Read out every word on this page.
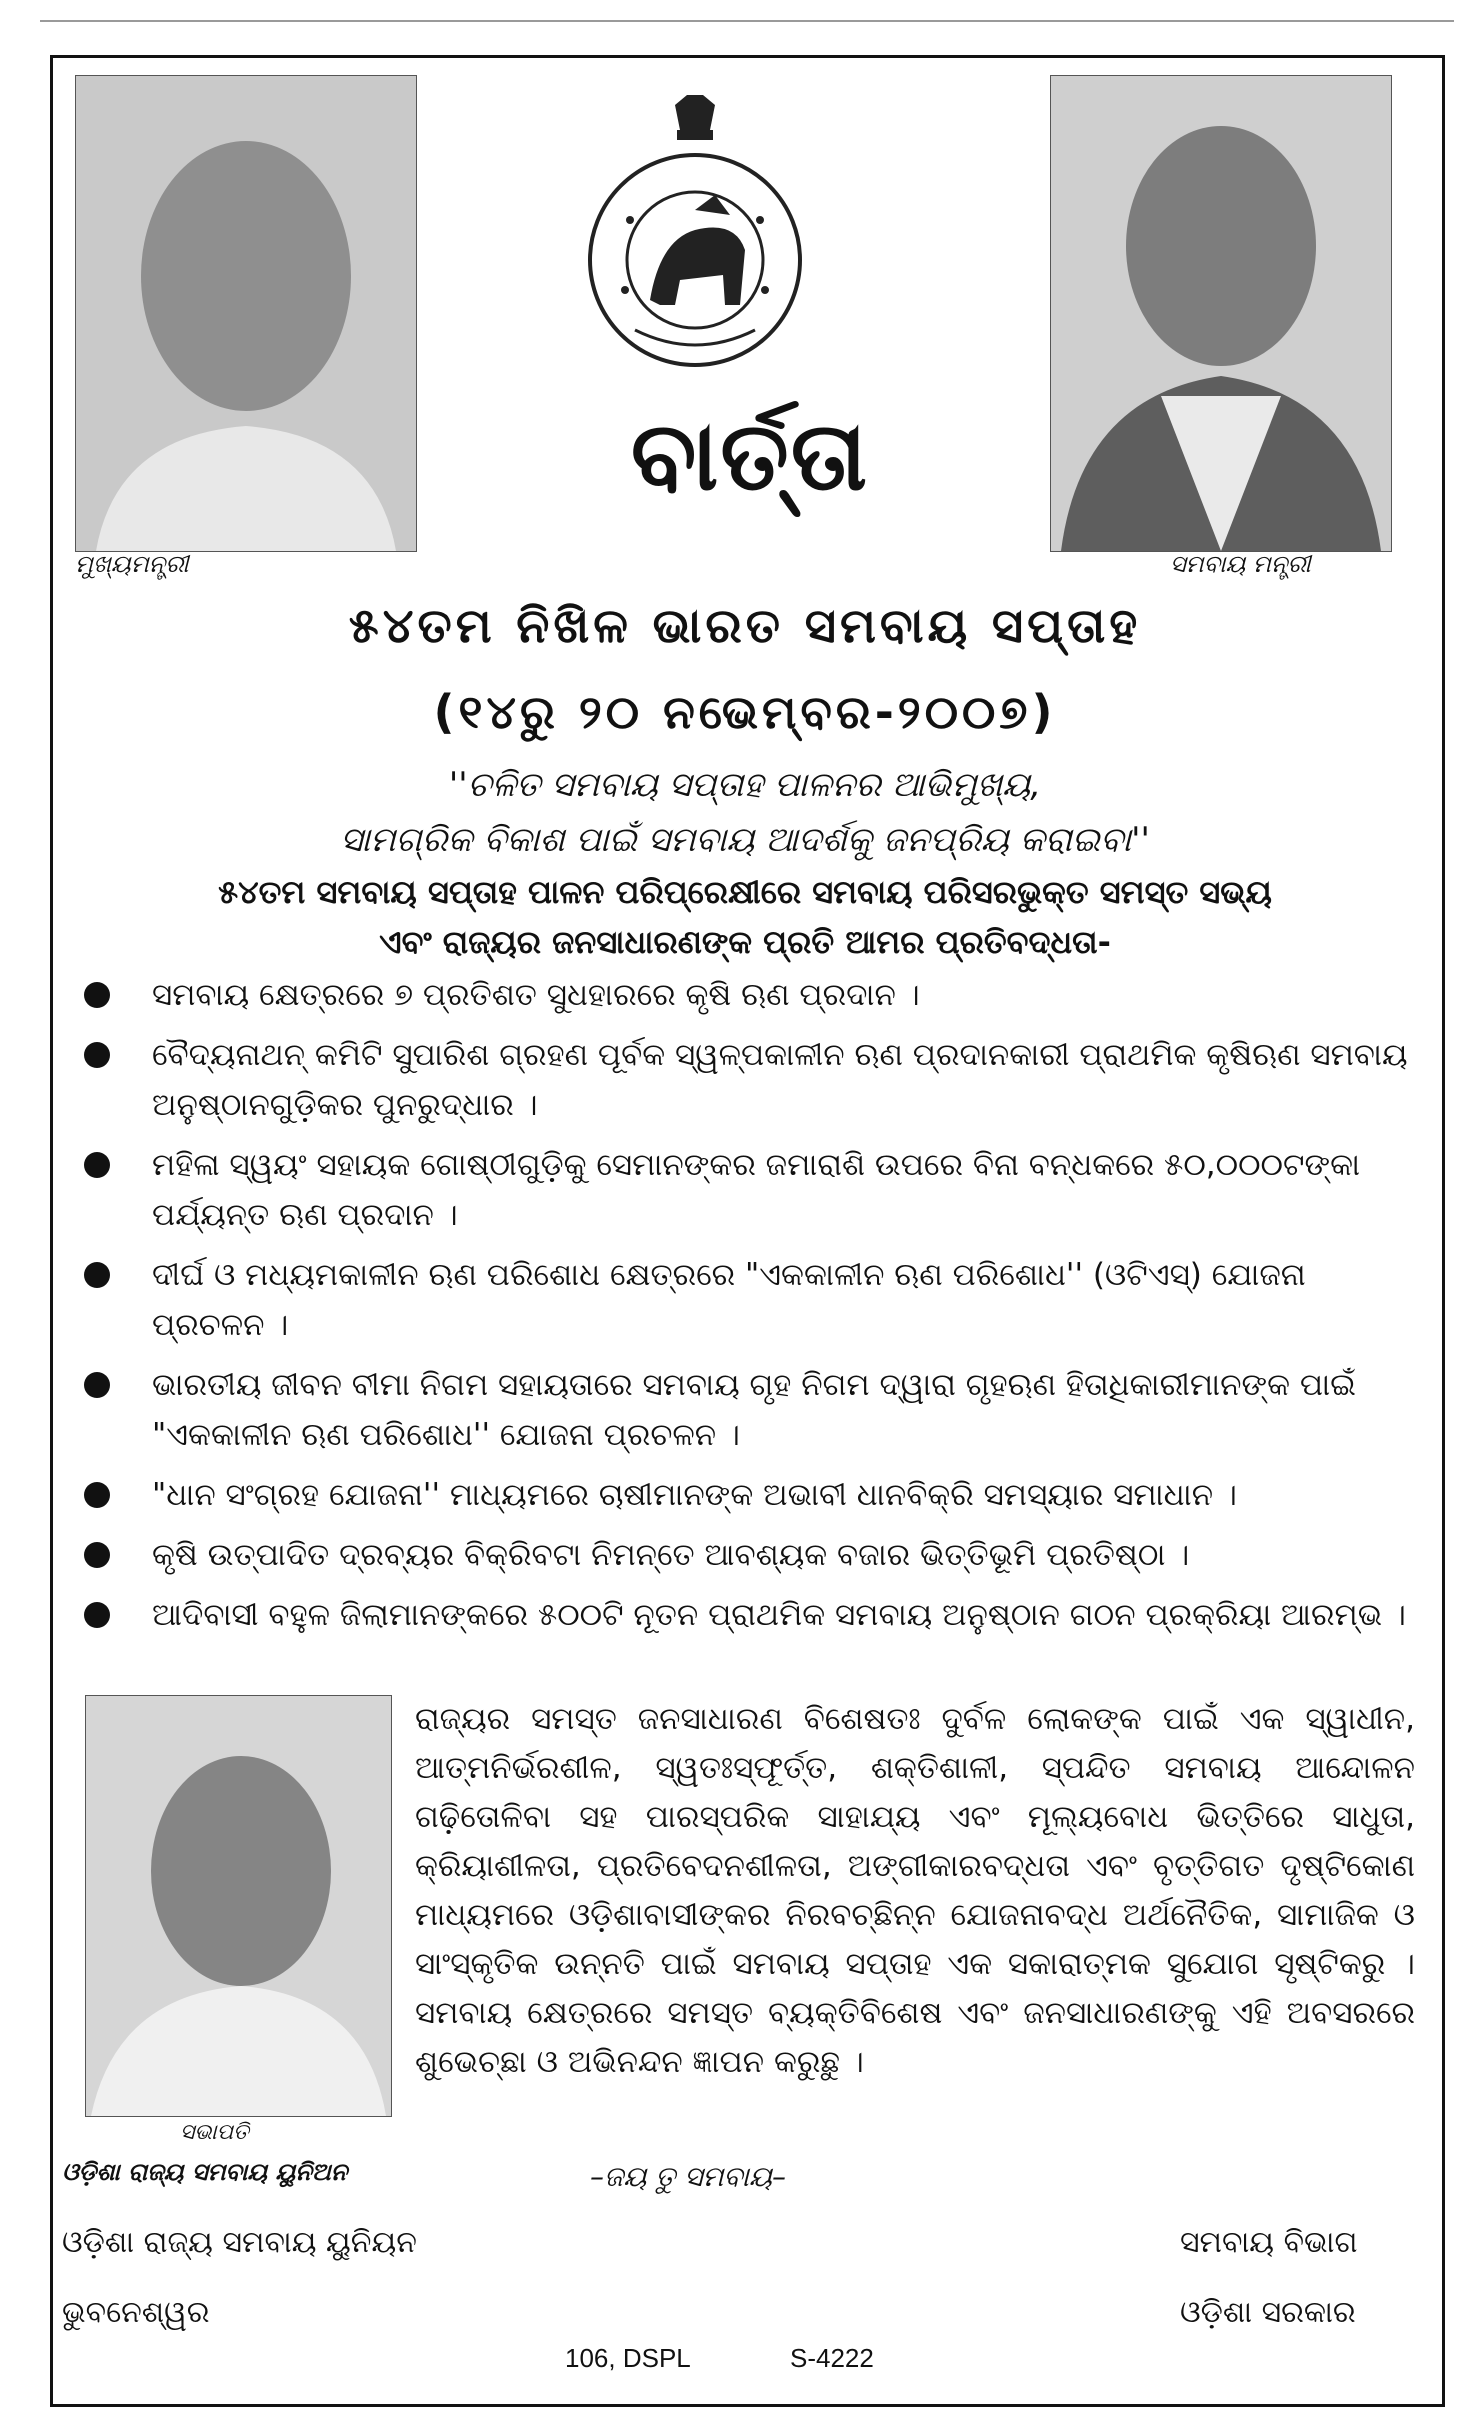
ମୁଖ୍ୟମନ୍ତ୍ରୀ	ସମବାୟ ମନ୍ତ୍ରୀ
ସଭାପତି
ଓଡ଼ିଶା ରାଜ୍ୟ ସମବାୟ ୟୁନିଅନ
ବାର୍ତ୍ତା
୫୪ତମ ନିଖିଳ ଭାରତ ସମବାୟ ସପ୍ତାହ
(୧୪ରୁ ୨୦ ନଭେମ୍ବର-୨୦୦୭)
''ଚଳିତ ସମବାୟ ସପ୍ତାହ ପାଳନର ଆଭିମୁଖ୍ୟ,
ସାମଗ୍ରିକ ବିକାଶ ପାଇଁ ସମବାୟ ଆଦର୍ଶକୁ ଜନପ୍ରିୟ କରାଇବା''
୫୪ତମ ସମବାୟ ସପ୍ତାହ ପାଳନ ପରିପ୍ରେକ୍ଷୀରେ ସମବାୟ ପରିସରଭୁକ୍ତ ସମସ୍ତ ସଭ୍ୟ
ଏବଂ ରାଜ୍ୟର ଜନସାଧାରଣଙ୍କ ପ୍ରତି ଆମର ପ୍ରତିବଦ୍ଧତା-
ସମବାୟ କ୍ଷେତ୍ରରେ ୭ ପ୍ରତିଶତ ସୁଧହାରରେ କୃଷି ଋଣ ପ୍ରଦାନ ।
ବୈଦ୍ୟନାଥନ୍ କମିଟି ସୁପାରିଶ ଗ୍ରହଣ ପୂର୍ବକ ସ୍ୱଳ୍ପକାଳୀନ ଋଣ ପ୍ରଦାନକାରୀ ପ୍ରାଥମିକ କୃଷିଋଣ ସମବାୟ ଅନୁଷ୍ଠାନଗୁଡ଼ିକର ପୁନରୁଦ୍ଧାର ।
ମହିଳା ସ୍ୱୟଂ ସହାୟକ ଗୋଷ୍ଠୀଗୁଡ଼ିକୁ ସେମାନଙ୍କର ଜମାରାଶି ଉପରେ ବିନା ବନ୍ଧକରେ ୫୦,୦୦୦ଟଙ୍କା ପର୍ଯ୍ୟନ୍ତ ଋଣ ପ୍ରଦାନ ।
ଦୀର୍ଘ ଓ ମଧ୍ୟମକାଳୀନ ଋଣ ପରିଶୋଧ କ୍ଷେତ୍ରରେ "ଏକକାଳୀନ ଋଣ ପରିଶୋଧ'' (ଓଟିଏସ୍) ଯୋଜନା ପ୍ରଚଳନ ।
ଭାରତୀୟ ଜୀବନ ବୀମା ନିଗମ ସହାୟତାରେ ସମବାୟ ଗୃହ ନିଗମ ଦ୍ୱାରା ଗୃହଋଣ ହିତାଧିକାରୀମାନଙ୍କ ପାଇଁ "ଏକକାଳୀନ ଋଣ ପରିଶୋଧ'' ଯୋଜନା ପ୍ରଚଳନ ।
"ଧାନ ସଂଗ୍ରହ ଯୋଜନା'' ମାଧ୍ୟମରେ ଚାଷୀମାନଙ୍କ ଅଭାବୀ ଧାନବିକ୍ରି ସମସ୍ୟାର ସମାଧାନ ।
କୃଷି ଉତ୍ପାଦିତ ଦ୍ରବ୍ୟର ବିକ୍ରିବଟା ନିମନ୍ତେ ଆବଶ୍ୟକ ବଜାର ଭିତ୍ତିଭୂମି ପ୍ରତିଷ୍ଠା ।
ଆଦିବାସୀ ବହୁଳ ଜିଲାମାନଙ୍କରେ ୫୦୦ଟି ନୂତନ ପ୍ରାଥମିକ ସମବାୟ ଅନୁଷ୍ଠାନ ଗଠନ ପ୍ରକ୍ରିୟା ଆରମ୍ଭ ।

ରାଜ୍ୟର ସମସ୍ତ ଜନସାଧାରଣ ବିଶେଷତଃ ଦୁର୍ବଳ ଲୋକଙ୍କ ପାଇଁ ଏକ ସ୍ୱାଧୀନ, ଆତ୍ମନିର୍ଭରଶୀଳ, ସ୍ୱତଃସ୍ଫୂର୍ତ୍ତ, ଶକ୍ତିଶାଳୀ, ସ୍ପନ୍ଦିତ ସମବାୟ ଆନ୍ଦୋଳନ ଗଢ଼ିତୋଳିବା ସହ ପାରସ୍ପରିକ ସାହାଯ୍ୟ ଏବଂ ମୂଲ୍ୟବୋଧ ଭିତ୍ତିରେ ସାଧୁତା, କ୍ରିୟାଶୀଳତା, ପ୍ରତିବେଦନଶୀଳତା, ଅଙ୍ଗୀକାରବଦ୍ଧତା ଏବଂ ବୃତ୍ତିଗତ ଦୃଷ୍ଟିକୋଣ ମାଧ୍ୟମରେ ଓଡ଼ିଶାବାସୀଙ୍କର ନିରବଚ୍ଛିନ୍ନ ଯୋଜନାବଦ୍ଧ ଅର୍ଥନୈତିକ, ସାମାଜିକ ଓ ସାଂସ୍କୃତିକ ଉନ୍ନତି ପାଇଁ ସମବାୟ ସପ୍ତାହ ଏକ ସକାରାତ୍ମକ ସୁଯୋଗ ସୃଷ୍ଟିକରୁ । ସମବାୟ କ୍ଷେତ୍ରରେ ସମସ୍ତ ବ୍ୟକ୍ତିବିଶେଷ ଏବଂ ଜନସାଧାରଣଙ୍କୁ ଏହି ଅବସରରେ ଶୁଭେଚ୍ଛା ଓ ଅଭିନନ୍ଦନ ଜ୍ଞାପନ କରୁଛୁ ।

–ଜୟ ତୁ ସମବାୟ–
ଓଡ଼ିଶା ରାଜ୍ୟ ସମବାୟ ୟୁନିୟନ
ଭୁବନେଶ୍ୱର
ସମବାୟ ବିଭାଗ
ଓଡ଼ିଶା ସରକାର
106, DSPL	S-4222
